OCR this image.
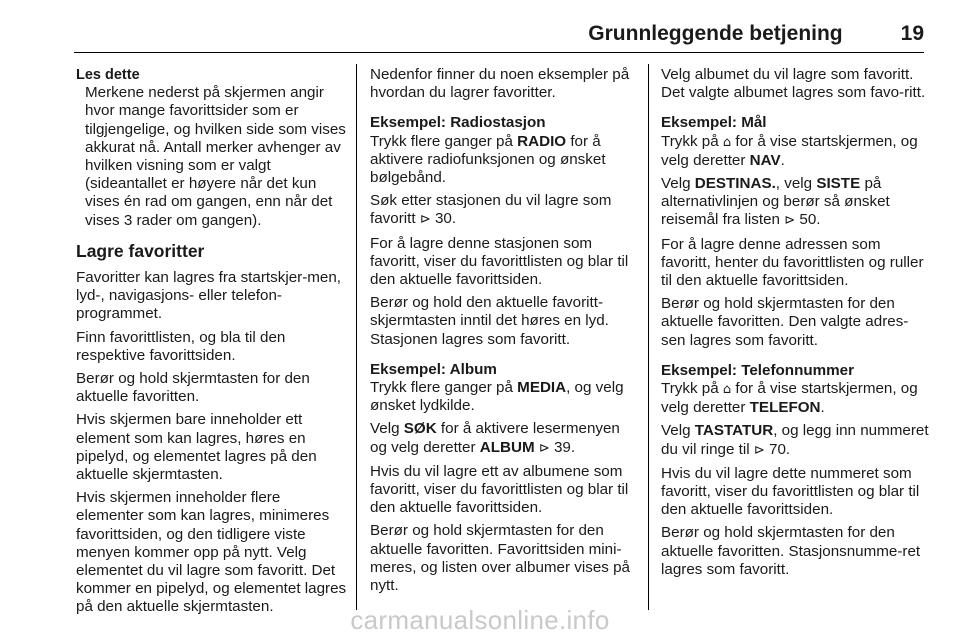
Grunnleggende betjening	19

Les dette

Merkene nederst på skjermen angir hvor mange favorittsider som er tilgjengelige, og hvilken side som vises akkurat nå. Antall merker avhenger av hvilken visning som er valgt (sideantallet er høyere når det kun vises én rad om gangen, enn når det vises 3 rader om gangen).

Lagre favoritter

Favoritter kan lagres fra startskjer-men, lyd-, navigasjons- eller telefon-programmet.

Finn favorittlisten, og bla til den respektive favorittsiden.

Berør og hold skjermtasten for den aktuelle favoritten.

Hvis skjermen bare inneholder ett element som kan lagres, høres en pipelyd, og elementet lagres på den aktuelle skjermtasten.

Hvis skjermen inneholder flere elementer som kan lagres, minimeres favorittsiden, og den tidligere viste menyen kommer opp på nytt. Velg elementet du vil lagre som favoritt. Det kommer en pipelyd, og elementet lagres på den aktuelle skjermtasten.

Nedenfor finner du noen eksempler på hvordan du lagrer favoritter.

Eksempel: Radiostasjon

Trykk flere ganger på RADIO for å aktivere radiofunksjonen og ønsket bølgebånd.

Søk etter stasjonen du vil lagre som favoritt ⊳ 30.

For å lagre denne stasjonen som favoritt, viser du favorittlisten og blar til den aktuelle favorittsiden.

Berør og hold den aktuelle favoritt-skjermtasten inntil det høres en lyd. Stasjonen lagres som favoritt.

Eksempel: Album

Trykk flere ganger på MEDIA, og velg ønsket lydkilde.

Velg SØK for å aktivere lesermenyen og velg deretter ALBUM ⊳ 39.

Hvis du vil lagre ett av albumene som favoritt, viser du favorittlisten og blar til den aktuelle favorittsiden.

Berør og hold skjermtasten for den aktuelle favoritten. Favorittsiden mini-meres, og listen over albumer vises på nytt.

Velg albumet du vil lagre som favoritt. Det valgte albumet lagres som favo-ritt.

Eksempel: Mål

Trykk på ⌂ for å vise startskjermen, og velg deretter NAV.

Velg DESTINAS., velg SISTE på alternativlinjen og berør så ønsket reisemål fra listen ⊳ 50.

For å lagre denne adressen som favoritt, henter du favorittlisten og ruller til den aktuelle favorittsiden.

Berør og hold skjermtasten for den aktuelle favoritten. Den valgte adres-sen lagres som favoritt.

Eksempel: Telefonnummer

Trykk på ⌂ for å vise startskjermen, og velg deretter TELEFON.

Velg TASTATUR, og legg inn nummeret du vil ringe til ⊳ 70.

Hvis du vil lagre dette nummeret som favoritt, viser du favorittlisten og blar til den aktuelle favorittsiden.

Berør og hold skjermtasten for den aktuelle favoritten. Stasjonsnumme-ret lagres som favoritt.

carmanualsonline.info
